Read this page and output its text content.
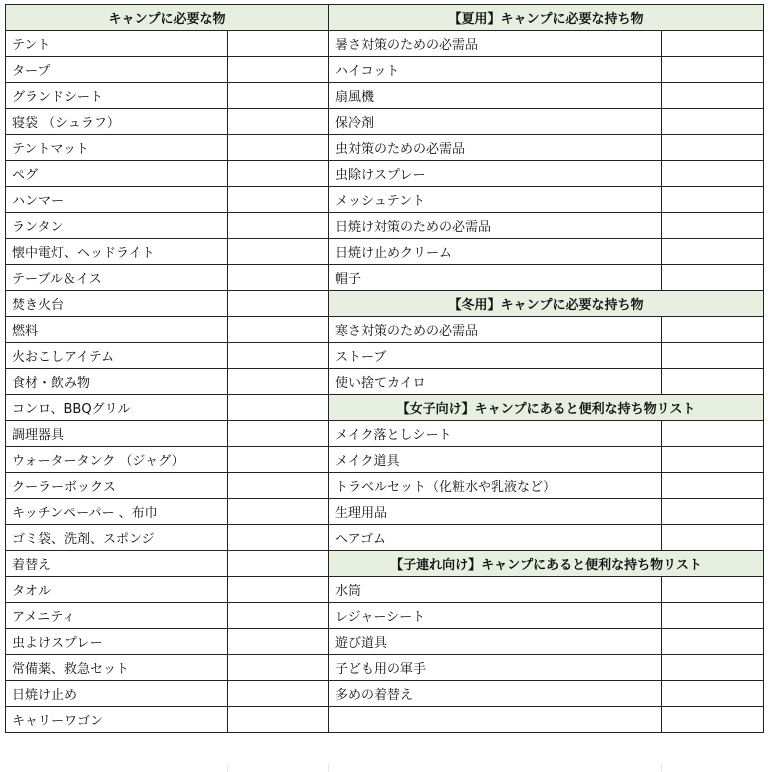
キャンプに必要な物		【夏用】キャンプに必要な持ち物	
テント		暑さ対策のための必需品	
タープ		ハイコット	
グランドシート		扇風機	
寝袋 （シュラフ）		保冷剤	
テントマット		虫対策のための必需品	
ペグ		虫除けスプレー	
ハンマー		メッシュテント	
ランタン		日焼け対策のための必需品	
懐中電灯、ヘッドライト		日焼け止めクリーム	
テーブル＆イス		帽子	
焚き火台		【冬用】キャンプに必要な持ち物	
燃料		寒さ対策のための必需品	
火おこしアイテム		ストーブ	
食材・飲み物		使い捨てカイロ	
コンロ、BBQグリル		【女子向け】キャンプにあると便利な持ち物リスト	
調理器具		メイク落としシート	
ウォータータンク （ジャグ）		メイク道具	
クーラーボックス		トラベルセット（化粧水や乳液など）	
キッチンペーパー 、布巾		生理用品	
ゴミ袋、洗剤、スポンジ		ヘアゴム	
着替え		【子連れ向け】キャンプにあると便利な持ち物リスト	
タオル		水筒	
アメニティ		レジャーシート	
虫よけスプレー		遊び道具	
常備薬、救急セット		子ども用の軍手	
日焼け止め		多めの着替え	
キャリーワゴン			
